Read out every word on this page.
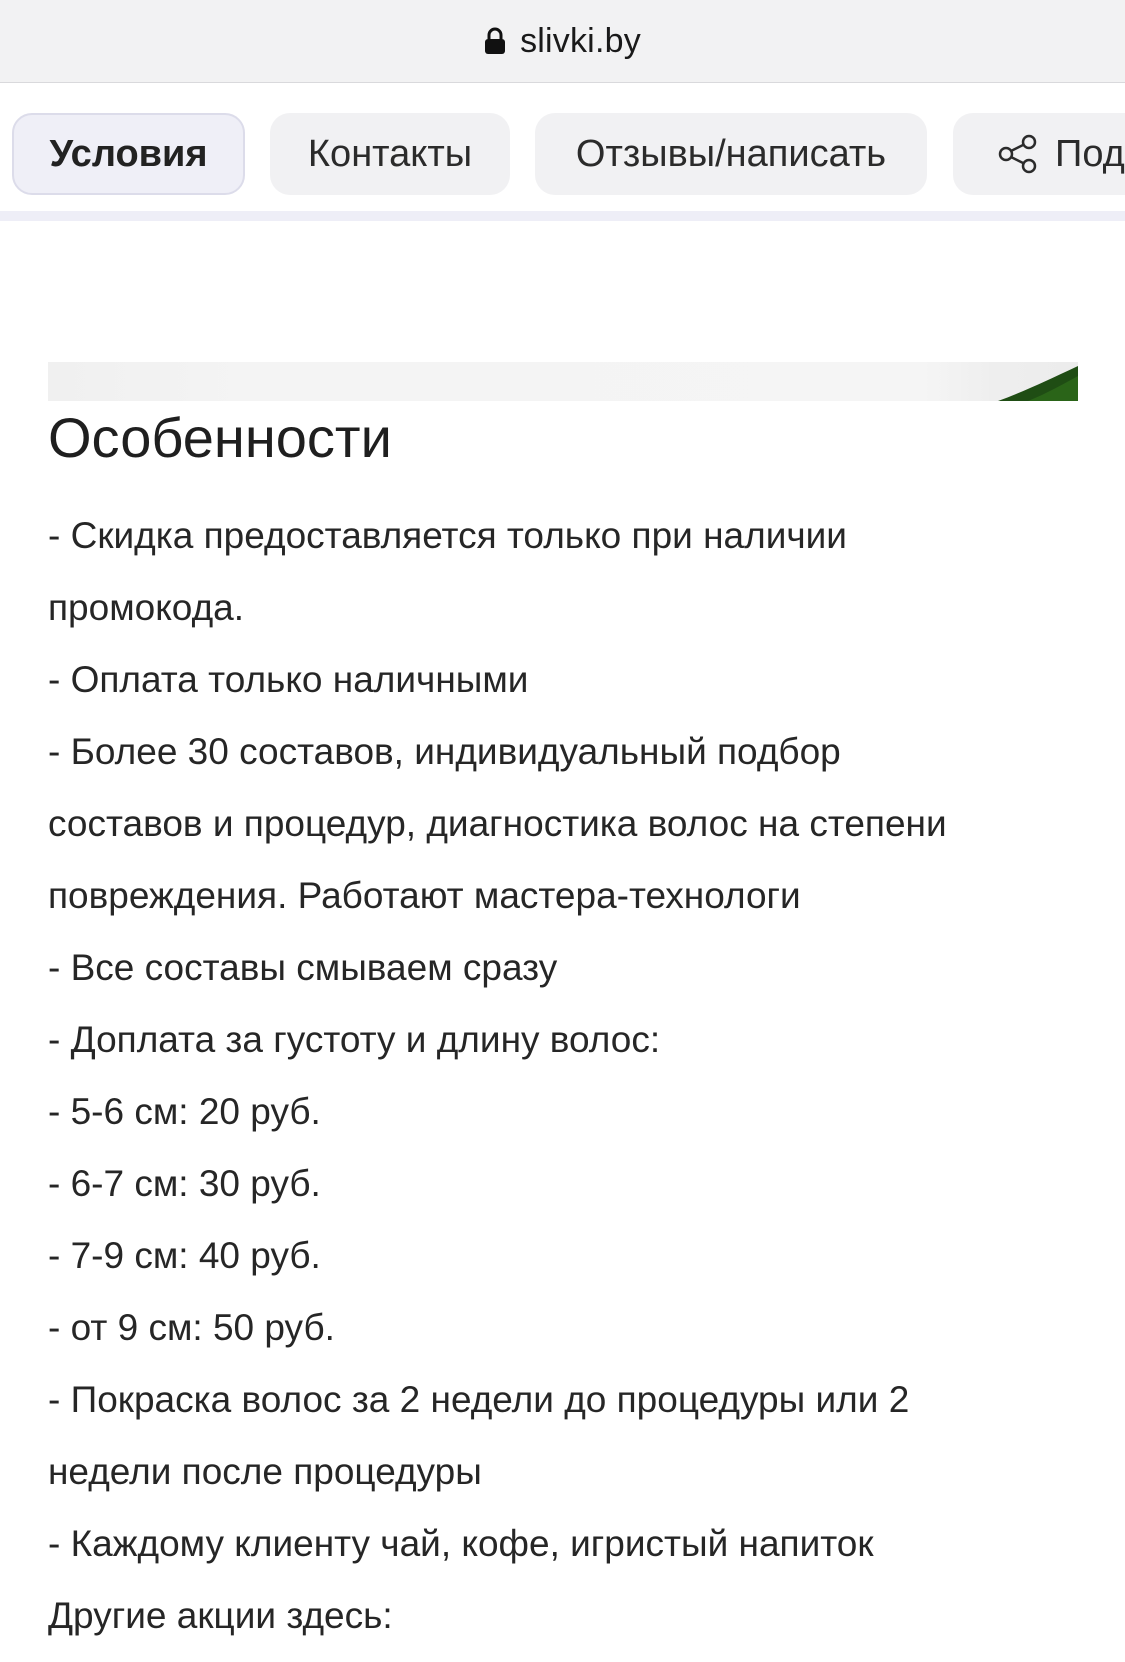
slivki.by
Условия	Контакты	Отзывы/написать	Под
Особенности
- Скидка предоставляется только при наличии
промокода.
- Оплата только наличными
- Более 30 составов, индивидуальный подбор
составов и процедур, диагностика волос на степени
повреждения. Работают мастера-технологи
- Все составы смываем сразу
- Доплата за густоту и длину волос:
- 5-6 см: 20 руб.
- 6-7 см: 30 руб.
- 7-9 см: 40 руб.
- от 9 см: 50 руб.
- Покраска волос за 2 недели до процедуры или 2
недели после процедуры
- Каждому клиенту чай, кофе, игристый напиток
Другие акции здесь:
